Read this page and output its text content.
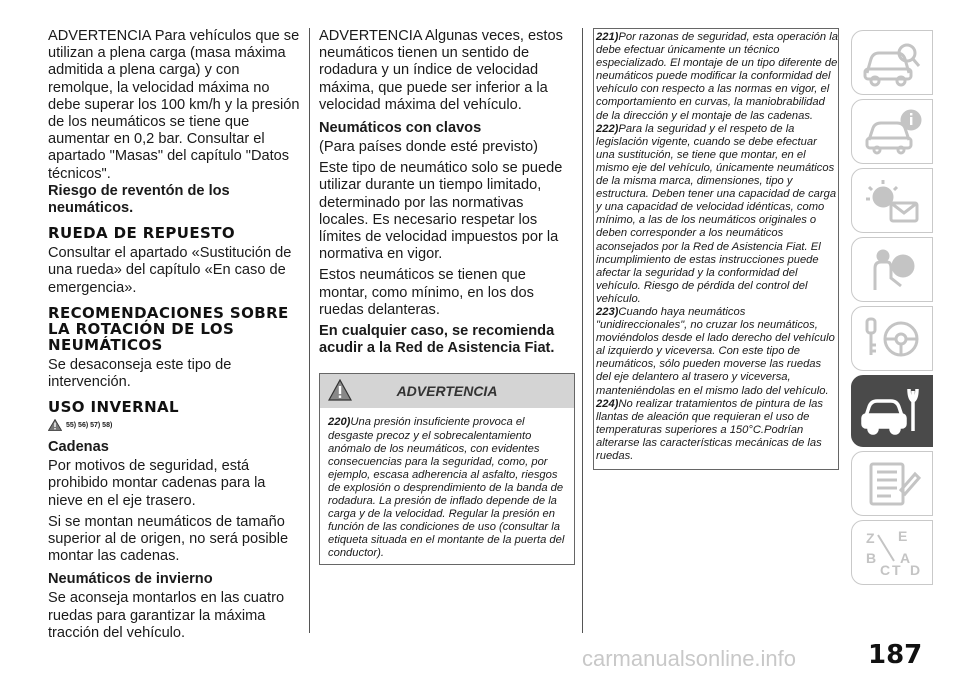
ADVERTENCIA Para vehículos que se utilizan a plena carga (masa máxima admitida a plena carga) y con remolque, la velocidad máxima no debe superar los 100 km/h y la presión de los neumáticos se tiene que aumentar en 0,2 bar. Consultar el apartado "Masas" del capítulo "Datos técnicos".

Riesgo de reventón de los neumáticos.

RUEDA DE REPUESTO

Consultar el apartado «Sustitución de una rueda» del capítulo «En caso de emergencia».

RECOMENDACIONES SOBRE LA ROTACIÓN DE LOS NEUMÁTICOS

Se desaconseja este tipo de intervención.

USO INVERNAL
55) 56) 57) 58)
Cadenas

Por motivos de seguridad, está prohibido montar cadenas para la nieve en el eje trasero.

Si se montan neumáticos de tamaño superior al de origen, no será posible montar las cadenas.

Neumáticos de invierno

Se aconseja montarlos en las cuatro ruedas para garantizar la máxima tracción del vehículo.

ADVERTENCIA Algunas veces, estos neumáticos tienen un sentido de rodadura y un índice de velocidad máxima, que puede ser inferior a la velocidad máxima del vehículo.

Neumáticos con clavos

(Para países donde esté previsto)

Este tipo de neumático solo se puede utilizar durante un tiempo limitado, determinado por las normativas locales. Es necesario respetar los límites de velocidad impuestos por la normativa en vigor.

Estos neumáticos se tienen que montar, como mínimo, en los dos ruedas delanteras.

En cualquier caso, se recomienda acudir a la Red de Asistencia Fiat.

ADVERTENCIA

220)Una presión insuficiente provoca el desgaste precoz y el sobrecalentamiento anómalo de los neumáticos, con evidentes consecuencias para la seguridad, como, por ejemplo, escasa adherencia al asfalto, riesgos de explosión o desprendimiento de la banda de rodadura. La presión de inflado depende de la carga y de la velocidad. Regular la presión en función de las condiciones de uso (consultar la etiqueta situada en el montante de la puerta del conductor).

221)Por razonas de seguridad, esta operación la debe efectuar únicamente un técnico especializado. El montaje de un tipo diferente de neumáticos puede modificar la conformidad del vehículo con respecto a las normas en vigor, el comportamiento en curvas, la maniobrabilidad de la dirección y el montaje de las cadenas.

222)Para la seguridad y el respeto de la legislación vigente, cuando se debe efectuar una sustitución, se tiene que montar, en el mismo eje del vehículo, únicamente neumáticos de la misma marca, dimensiones, tipo y estructura. Deben tener una capacidad de carga y una capacidad de velocidad idénticas, como mínimo, a las de los neumáticos originales o deben corresponder a los neumáticos aconsejados por la Red de Asistencia Fiat. El incumplimiento de estas instrucciones puede afectar la seguridad y la conformidad del vehículo. Riesgo de pérdida del control del vehículo.

223)Cuando haya neumáticos "unidireccionales", no cruzar los neumáticos, moviéndolos desde el lado derecho del vehículo al izquierdo y viceversa. Con este tipo de neumáticos, sólo pueden moverse las ruedas del eje delantero al trasero y viceversa, manteniéndolas en el mismo lado del vehículo.

224)No realizar tratamientos de pintura de las llantas de aleación que requieran el uso de temperaturas superiores a 150°C.Podrían alterarse las características mecánicas de las ruedas.

Z E
B A
C T D
carmanualsonline.info	187
